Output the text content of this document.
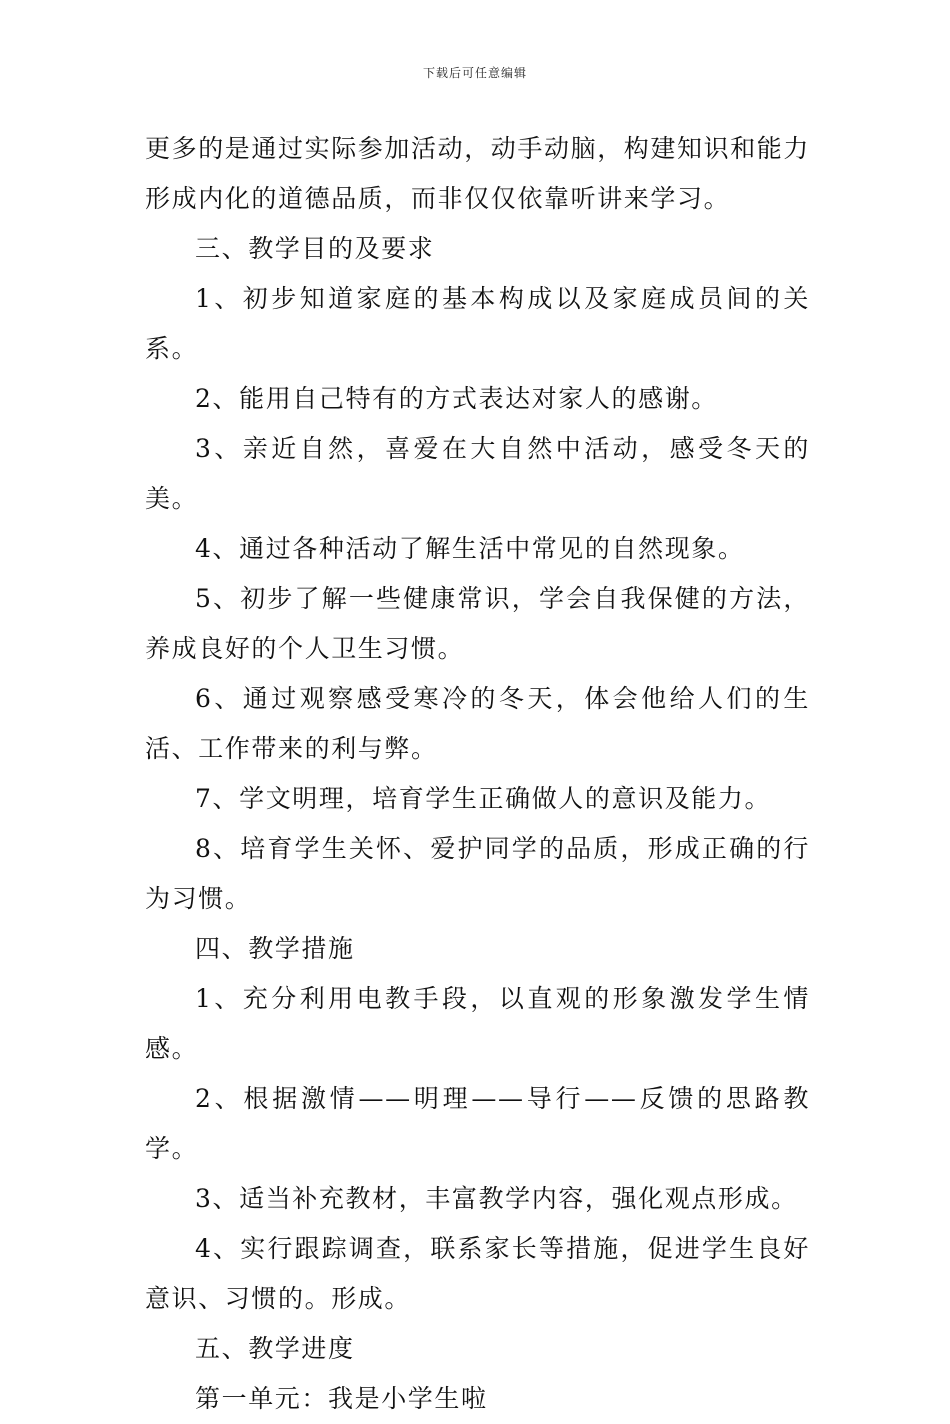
下载后可任意编辑

更多的是通过实际参加活动，动手动脑，构建知识和能力形成内化的道德品质，而非仅仅依靠听讲来学习。

三、教学目的及要求

1、初步知道家庭的基本构成以及家庭成员间的关系。

2、能用自己特有的方式表达对家人的感谢。

3、亲近自然，喜爱在大自然中活动，感受冬天的美。

4、通过各种活动了解生活中常见的自然现象。

5、初步了解一些健康常识，学会自我保健的方法，养成良好的个人卫生习惯。

6、通过观察感受寒冷的冬天，体会他给人们的生活、工作带来的利与弊。

7、学文明理，培育学生正确做人的意识及能力。

8、培育学生关怀、爱护同学的品质，形成正确的行为习惯。

四、教学措施

1、充分利用电教手段，以直观的形象激发学生情感。

2、根据激情——明理——导行——反馈的思路教学。

3、适当补充教材，丰富教学内容，强化观点形成。

4、实行跟踪调查，联系家长等措施，促进学生良好意识、习惯的。形成。

五、教学进度

第一单元：我是小学生啦
